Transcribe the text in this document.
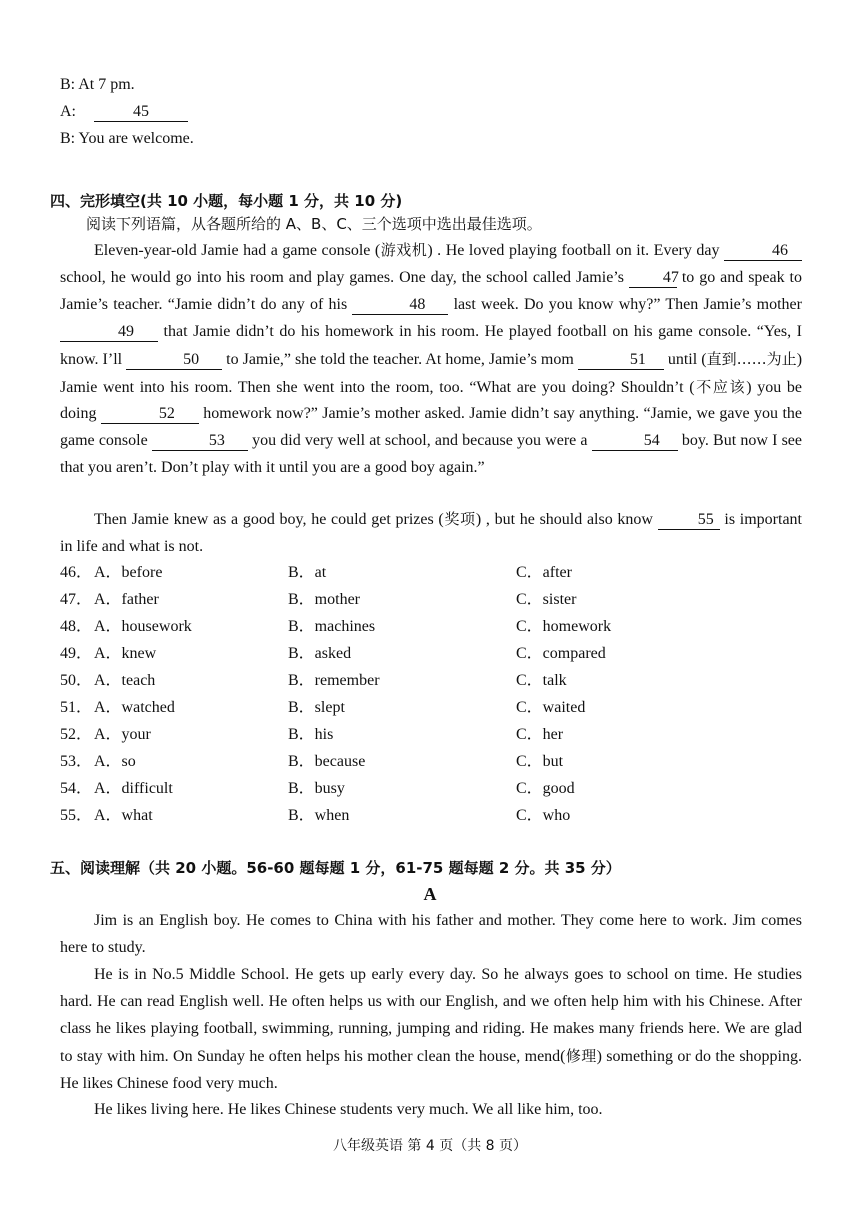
B: At 7 pm.
A:	45
B: You are welcome.
四、完形填空(共 10 小题，每小题 1 分，共 10 分)
阅读下列语篇，从各题所给的 A、B、C、三个选项中选出最佳选项。
Eleven-year-old Jamie had a game console (游戏机) . He loved playing football on it. Every day	46 school, he would go into his room and play games. One day, the school called Jamie’s 47 to go and speak to Jamie’s teacher. “Jamie didn’t do any of his	48 last week. Do you know why?” Then Jamie’s mother 49 that Jamie didn’t do his homework in his room. He played football on his game console. “Yes, I know. I’ll	50 to Jamie,” she told the teacher. At home, Jamie’s mom	51 until (直到……为止) Jamie went into his room. Then she went into the room, too. “What are you doing? Shouldn’t (不应该) you be doing	52 homework now?” Jamie’s mother asked. Jamie didn’t say anything. “Jamie, we gave you the game console	53 you did very well at school, and because you were a	54 boy. But now I see that you aren’t. Don’t play with it until you are a good boy again.”
Then Jamie knew as a good boy, he could get prizes (奖项) , but he should also know	55 is important in life and what is not.
46． A．before	B．at	C．after
47． A．father	B．mother	C．sister
48． A．housework	B．machines	C．homework
49． A．knew	B．asked	C．compared
50． A．teach	B．remember	C．talk
51． A．watched	B．slept	C．waited
52． A．your	B．his	C．her
53． A．so	B．because	C．but
54． A．difficult	B．busy	C．good
55． A．what	B．when	C．who
五、阅读理解（共 20 小题。56-60 题每题 1 分，61-75 题每题 2 分。共 35 分）
A
Jim is an English boy. He comes to China with his father and mother. They come here to work. Jim comes here to study.
He is in No.5 Middle School. He gets up early every day. So he always goes to school on time. He studies hard. He can read English well. He often helps us with our English, and we often help him with his Chinese. After class he likes playing football, swimming, running, jumping and riding. He makes many friends here. We are glad to stay with him. On Sunday he often helps his mother clean the house, mend(修理) something or do the shopping. He likes Chinese food very much.
He likes living here. He likes Chinese students very much. We all like him, too.
八年级英语 第 4 页（共 8 页）
